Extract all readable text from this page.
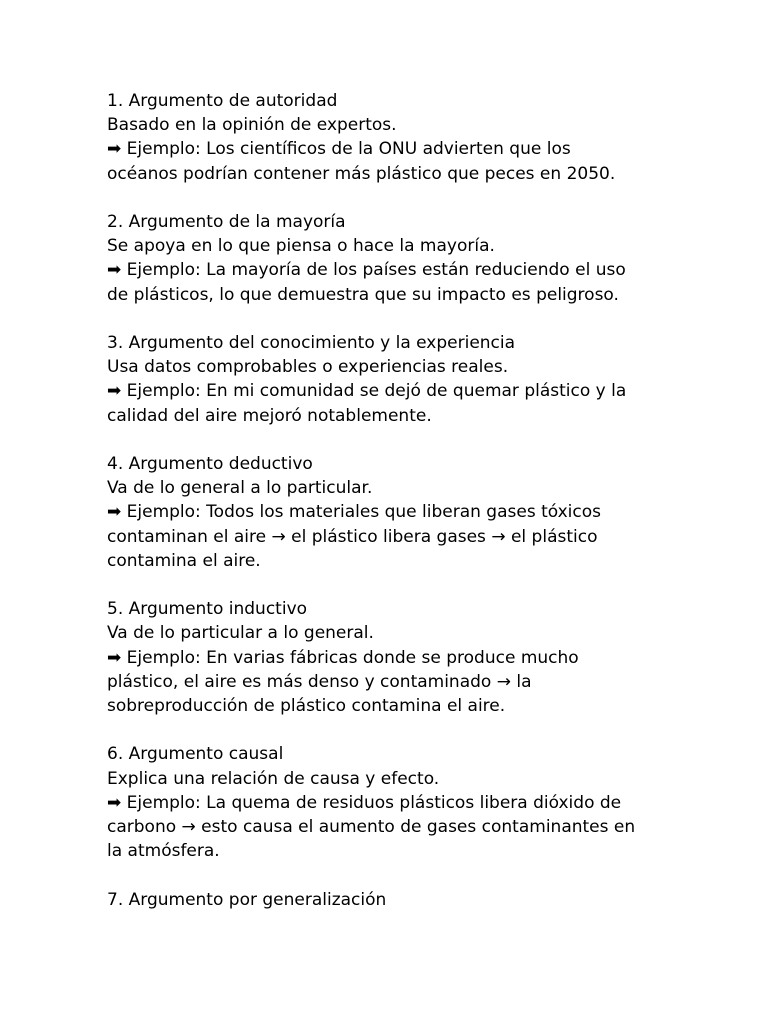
1. Argumento de autoridad
Basado en la opinión de expertos.
➡ Ejemplo: Los científicos de la ONU advierten que los
océanos podrían contener más plástico que peces en 2050.
2. Argumento de la mayoría
Se apoya en lo que piensa o hace la mayoría.
➡ Ejemplo: La mayoría de los países están reduciendo el uso
de plásticos, lo que demuestra que su impacto es peligroso.
3. Argumento del conocimiento y la experiencia
Usa datos comprobables o experiencias reales.
➡ Ejemplo: En mi comunidad se dejó de quemar plástico y la
calidad del aire mejoró notablemente.
4. Argumento deductivo
Va de lo general a lo particular.
➡ Ejemplo: Todos los materiales que liberan gases tóxicos
contaminan el aire → el plástico libera gases → el plástico
contamina el aire.
5. Argumento inductivo
Va de lo particular a lo general.
➡ Ejemplo: En varias fábricas donde se produce mucho
plástico, el aire es más denso y contaminado → la
sobreproducción de plástico contamina el aire.
6. Argumento causal
Explica una relación de causa y efecto.
➡ Ejemplo: La quema de residuos plásticos libera dióxido de
carbono → esto causa el aumento de gases contaminantes en
la atmósfera.
7. Argumento por generalización
